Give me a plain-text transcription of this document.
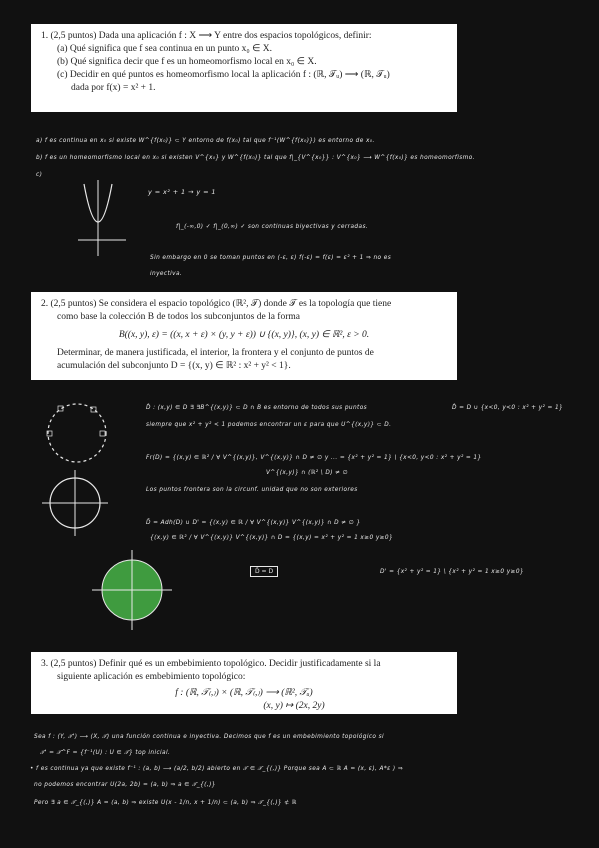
1. (2,5 puntos) Dada una aplicación f : X ⟶ Y entre dos espacios topológicos, definir:

(a) Qué significa que f sea continua en un punto x₀ ∈ X.

(b) Qué significa decir que f es un homeomorfismo local en x₀ ∈ X.

(c) Decidir en qué puntos es homeomorfismo local la aplicación f : (ℝ, 𝒯ᵤ) ⟶ (ℝ, 𝒯ᵤ)

dada por f(x) = x² + 1.

a) f es continua en x₀ si existe W^{f(x₀)} ⊂ Y entorno de f(x₀) tal que f⁻¹(W^{f(x₀)}) es entorno de x₀.
b) f es un homeomorfismo local en x₀ si existen V^{x₀} y W^{f(x₀)} tal que f|_{V^{x₀}} : V^{x₀} ⟶ W^{f(x₀)} es homeomorfismo.
c)
y = x² + 1 → y = 1
f|_(-∞,0) ✓ f|_(0,∞) ✓ son continuas biyectivas y cerradas.
Sin embargo en 0 se toman puntos en (-ε, ε) f(-ε) = f(ε) = ε² + 1 ⇒ no es
inyectiva.

2. (2,5 puntos) Se considera el espacio topológico (ℝ², 𝒯) donde 𝒯 es la topología que tiene

como base la colección B de todos los subconjuntos de la forma

B((x, y), ε) = ((x, x + ε) × (y, y + ε)) ∪ {(x, y)}, (x, y) ∈ ℝ², ε > 0.

Determinar, de manera justificada, el interior, la frontera y el conjunto de puntos de

acumulación del subconjunto D = {(x, y) ∈ ℝ² : x² + y² < 1}.

D̊ : (x,y) ∈ D ∃ ∃B^{(x,y)} ⊂ D ∩ B es entorno de todos sus puntos	D̊ = D ∪ {x<0, y<0 : x² + y² = 1}
siempre que x² + y² < 1 podemos encontrar un ε para que U^{(x,y)} ⊂ D.
Fr(D) = {(x,y) ∈ ℝ² / ∀ V^{(x,y)}, V^{(x,y)} ∩ D ≠ ∅ y ... = {x² + y² = 1} \ {x<0, y<0 : x² + y² = 1}
V^{(x,y)} ∩ (ℝ² \ D) ≠ ∅
Los puntos frontera son la circunf. unidad que no son exteriores
D̄ = Adh(D) ∪ D' = {(x,y) ∈ ℝ / ∀ V^{(x,y)} V^{(x,y)} ∩ D ≠ ∅ }
{(x,y) ∈ ℝ² / ∀ V^{(x,y)} V^{(x,y)} ∩ D = {(x,y) = x² + y² = 1 x≥0 y≥0}
D̄ = D	D' = {x² + y² = 1} \ {x² + y² = 1 x≥0 y≥0}

3. (2,5 puntos) Definir qué es un embebimiento topológico. Decidir justificadamente si la

siguiente aplicación es embebimiento topológico:

f : (ℝ, 𝒯₍,₎) × (ℝ, 𝒯₍,₎) ⟶ (ℝ², 𝒯ᵤ)

(x, y) ↦ (2x, 2y)

Sea f : (Y, 𝒯') ⟶ (X, 𝒯) una función continua e inyectiva. Decimos que f es un embebimiento topológico si
𝒯' = 𝒯^F = {f⁻¹(U) : U ∈ 𝒯} top inicial.
• f es continua ya que existe f⁻¹ : (a, b) ⟶ (a/2, b/2) abierto en 𝒯 ∈ 𝒯_{(,)} Porque sea A ⊂ ℝ A = (x, ε), A*ε ) ⇒
no podemos encontrar U(2a, 2b) = (a, b) ⇒ a ∈ 𝒯_{(,)}
Pero ∃ a ∈ 𝒯_{(,)} A = (a, b) ⇒ existe U(x - 1/n, x + 1/n) ⊂ (a, b) ⇒ 𝒯_{(,)} ⊄ ℝ
